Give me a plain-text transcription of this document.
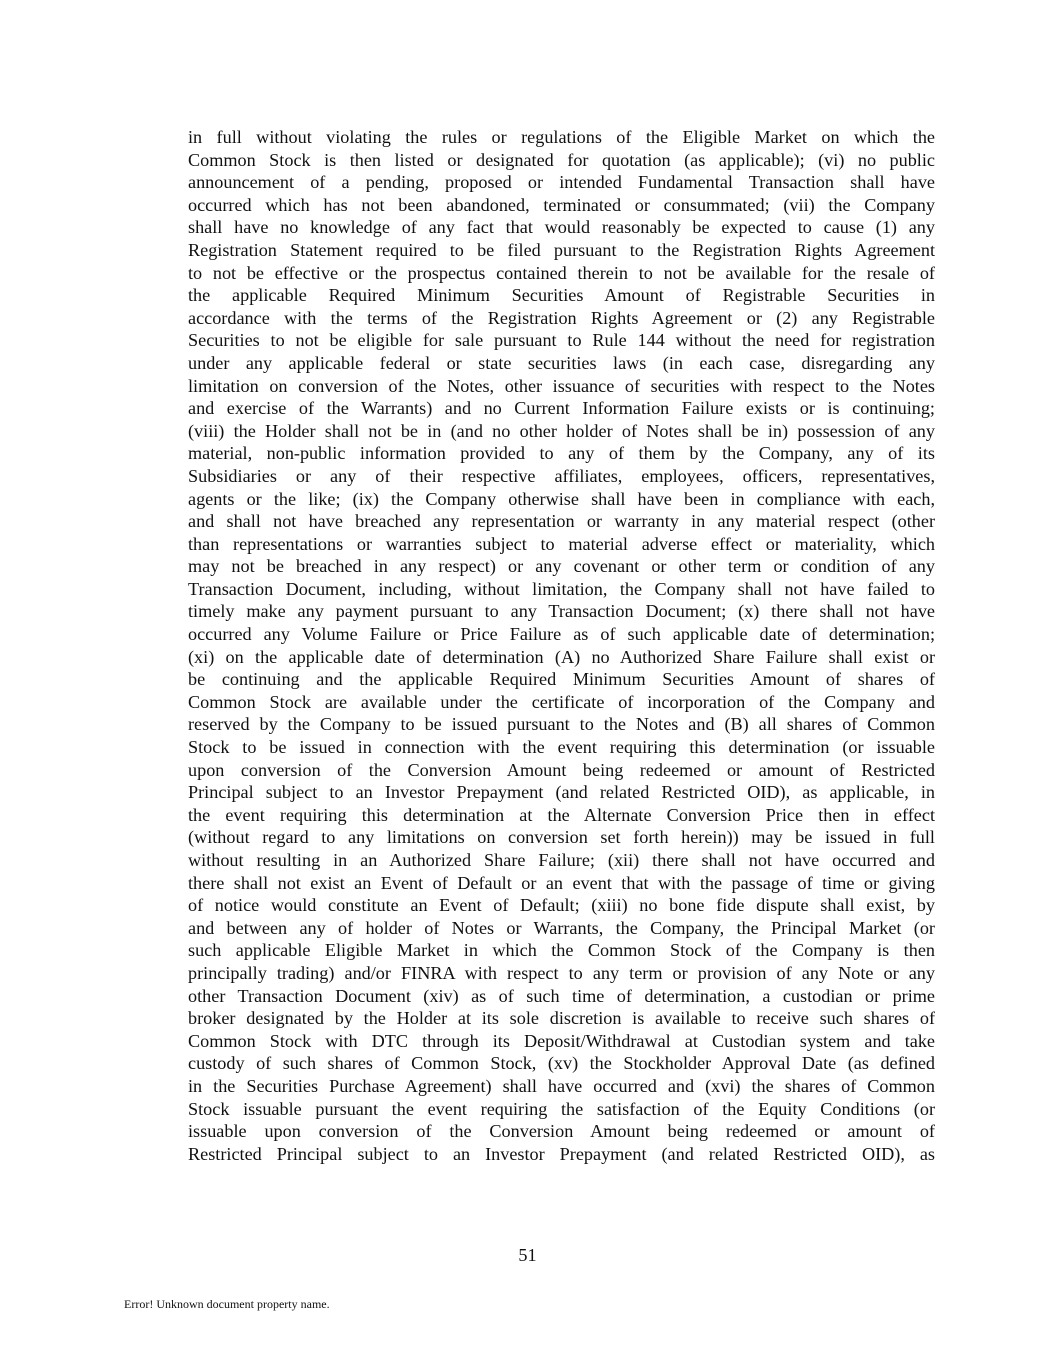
in full without violating the rules or regulations of the Eligible Market on which the
Common Stock is then listed or designated for quotation (as applicable); (vi) no public
announcement of a pending, proposed or intended Fundamental Transaction shall have
occurred which has not been abandoned, terminated or consummated; (vii) the Company
shall have no knowledge of any fact that would reasonably be expected to cause (1) any
Registration Statement required to be filed pursuant to the Registration Rights Agreement
to not be effective or the prospectus contained therein to not be available for the resale of
the applicable Required Minimum Securities Amount of Registrable Securities in
accordance with the terms of the Registration Rights Agreement or (2) any Registrable
Securities to not be eligible for sale pursuant to Rule 144 without the need for registration
under any applicable federal or state securities laws (in each case, disregarding any
limitation on conversion of the Notes, other issuance of securities with respect to the Notes
and exercise of the Warrants) and no Current Information Failure exists or is continuing;
(viii) the Holder shall not be in (and no other holder of Notes shall be in) possession of any
material, non-public information provided to any of them by the Company, any of its
Subsidiaries or any of their respective affiliates, employees, officers, representatives,
agents or the like; (ix) the Company otherwise shall have been in compliance with each,
and shall not have breached any representation or warranty in any material respect (other
than representations or warranties subject to material adverse effect or materiality, which
may not be breached in any respect) or any covenant or other term or condition of any
Transaction Document, including, without limitation, the Company shall not have failed to
timely make any payment pursuant to any Transaction Document; (x) there shall not have
occurred any Volume Failure or Price Failure as of such applicable date of determination;
(xi) on the applicable date of determination (A) no Authorized Share Failure shall exist or
be continuing and the applicable Required Minimum Securities Amount of shares of
Common Stock are available under the certificate of incorporation of the Company and
reserved by the Company to be issued pursuant to the Notes and (B) all shares of Common
Stock to be issued in connection with the event requiring this determination (or issuable
upon conversion of the Conversion Amount being redeemed or amount of Restricted
Principal subject to an Investor Prepayment (and related Restricted OID), as applicable, in
the event requiring this determination at the Alternate Conversion Price then in effect
(without regard to any limitations on conversion set forth herein)) may be issued in full
without resulting in an Authorized Share Failure; (xii) there shall not have occurred and
there shall not exist an Event of Default or an event that with the passage of time or giving
of notice would constitute an Event of Default; (xiii) no bone fide dispute shall exist, by
and between any of holder of Notes or Warrants, the Company, the Principal Market (or
such applicable Eligible Market in which the Common Stock of the Company is then
principally trading) and/or FINRA with respect to any term or provision of any Note or any
other Transaction Document (xiv) as of such time of determination, a custodian or prime
broker designated by the Holder at its sole discretion is available to receive such shares of
Common Stock with DTC through its Deposit/Withdrawal at Custodian system and take
custody of such shares of Common Stock, (xv) the Stockholder Approval Date (as defined
in the Securities Purchase Agreement) shall have occurred and (xvi) the shares of Common
Stock issuable pursuant the event requiring the satisfaction of the Equity Conditions (or
issuable upon conversion of the Conversion Amount being redeemed or amount of
Restricted Principal subject to an Investor Prepayment (and related Restricted OID), as
51
Error! Unknown document property name.
